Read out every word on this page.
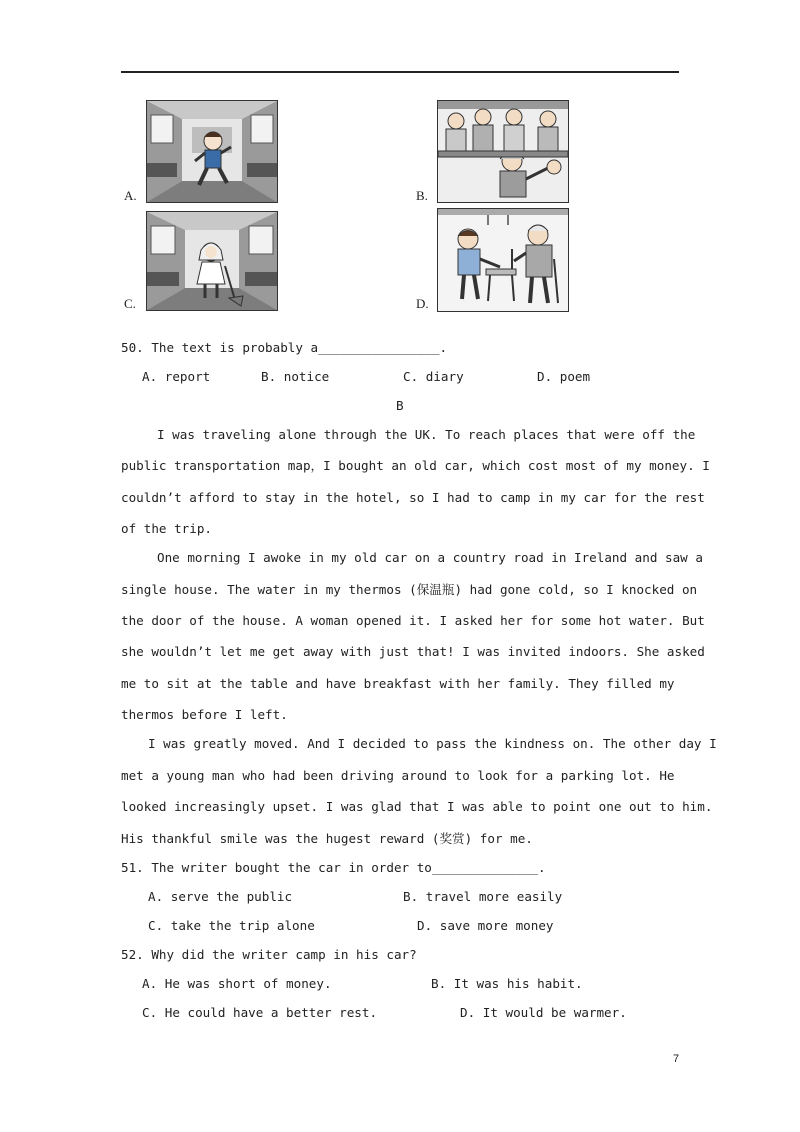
A.	B.
C.	D.
50. The text is probably a________________.
A. report	B. notice	C. diary	D. poem
B
I was traveling alone through the UK. To reach places that were off the
public transportation map，I bought an old car, which cost most of my money. I
couldn’t afford to stay in the hotel, so I had to camp in my car for the rest
of the trip.
One morning I awoke in my old car on a country road in Ireland and saw a
single house. The water in my thermos (保温瓶) had gone cold, so I knocked on
the door of the house. A woman opened it. I asked her for some hot water. But
she wouldn’t let me get away with just that! I was invited indoors. She asked
me to sit at the table and have breakfast with her family. They filled my
thermos before I left.
I was greatly moved. And I decided to pass the kindness on. The other day I
met a young man who had been driving around to look for a parking lot. He
looked increasingly upset. I was glad that I was able to point one out to him.
His thankful smile was the hugest reward (奖赏) for me.
51. The writer bought the car in order to______________.
A. serve the public	B. travel more easily
C. take the trip alone	D. save more money
52. Why did the writer camp in his car?
A. He was short of money.	B. It was his habit.
C. He could have a better rest.	D. It would be warmer.
7
